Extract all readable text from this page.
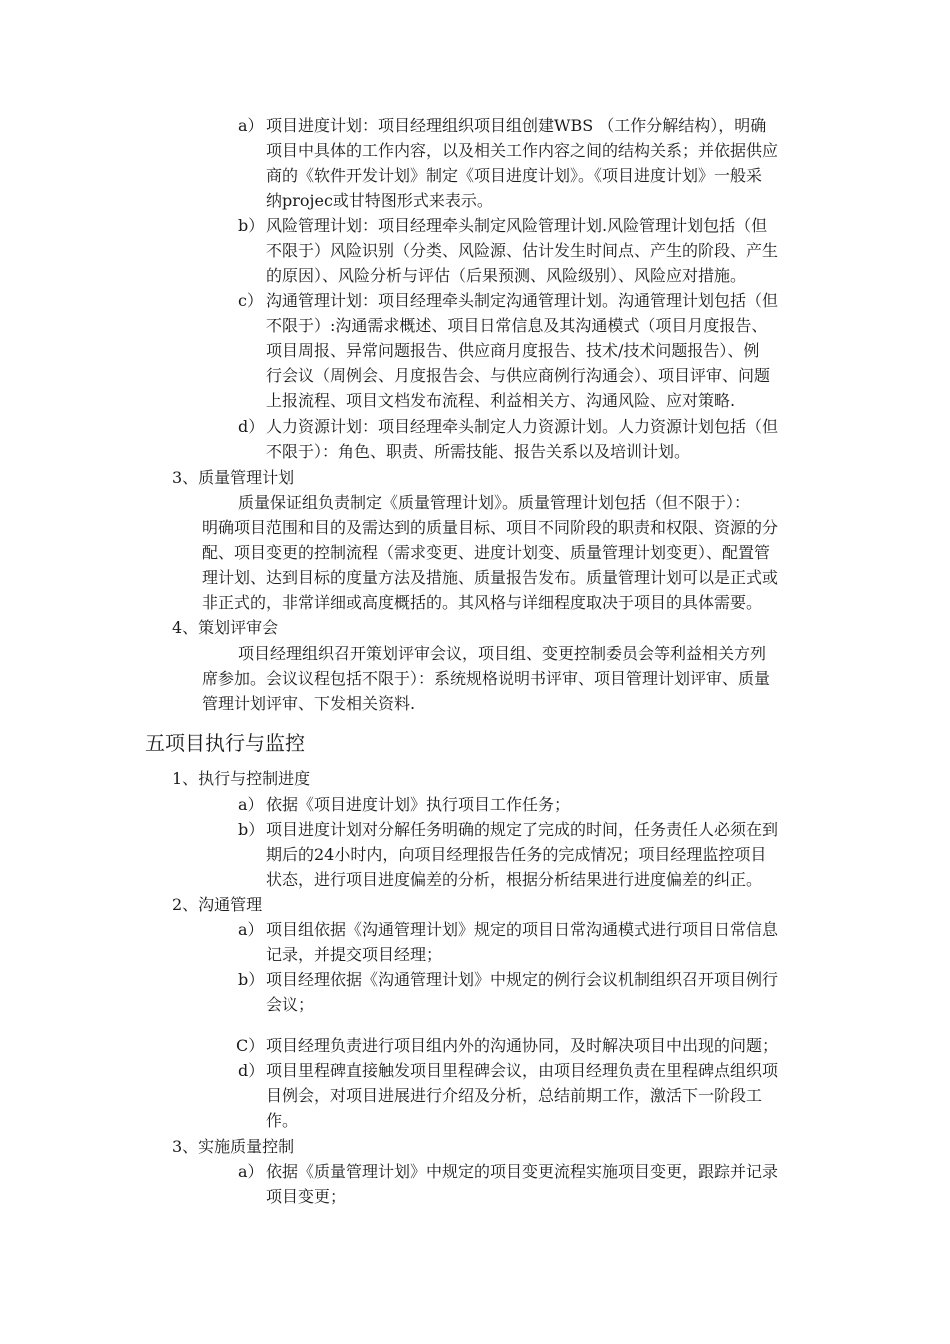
a） 项目进度计划：项目经理组织项目组创建WBS （工作分解结构），明确
项目中具体的工作内容，以及相关工作内容之间的结构关系；并依据供应
商的《软件开发计划》制定《项目进度计划》。《项目进度计划》一般采
纳projec或甘特图形式来表示。
b） 风险管理计划：项目经理牵头制定风险管理计划.风险管理计划包括（但
不限于）风险识别（分类、风险源、估计发生时间点、产生的阶段、产生
的原因）、风险分析与评估（后果预测、风险级别）、风险应对措施。
c） 沟通管理计划：项目经理牵头制定沟通管理计划。沟通管理计划包括（但
不限于）:沟通需求概述、项目日常信息及其沟通模式（项目月度报告、
项目周报、异常问题报告、供应商月度报告、技术/技术问题报告）、例
行会议（周例会、月度报告会、与供应商例行沟通会）、项目评审、问题
上报流程、项目文档发布流程、利益相关方、沟通风险、应对策略.
d） 人力资源计划：项目经理牵头制定人力资源计划。人力资源计划包括（但
不限于）：角色、职责、所需技能、报告关系以及培训计划。
3、质量管理计划
质量保证组负责制定《质量管理计划》。质量管理计划包括（但不限于）：
明确项目范围和目的及需达到的质量目标、项目不同阶段的职责和权限、资源的分
配、项目变更的控制流程（需求变更、进度计划变、质量管理计划变更）、配置管
理计划、达到目标的度量方法及措施、质量报告发布。质量管理计划可以是正式或
非正式的，非常详细或高度概括的。其风格与详细程度取决于项目的具体需要。
4、策划评审会
项目经理组织召开策划评审会议，项目组、变更控制委员会等利益相关方列
席参加。会议议程包括不限于）：系统规格说明书评审、项目管理计划评审、质量
管理计划评审、下发相关资料.
五项目执行与监控
1、执行与控制进度
a） 依据《项目进度计划》执行项目工作任务；
b） 项目进度计划对分解任务明确的规定了完成的时间，任务责任人必须在到
期后的24小时内，向项目经理报告任务的完成情况；项目经理监控项目
状态，进行项目进度偏差的分析，根据分析结果进行进度偏差的纠正。
2、沟通管理
a） 项目组依据《沟通管理计划》规定的项目日常沟通模式进行项目日常信息
记录，并提交项目经理；
b） 项目经理依据《沟通管理计划》中规定的例行会议机制组织召开项目例行
会议；
C） 项目经理负责进行项目组内外的沟通协同，及时解决项目中出现的问题；
d） 项目里程碑直接触发项目里程碑会议，由项目经理负责在里程碑点组织项
目例会，对项目进展进行介绍及分析，总结前期工作，激活下一阶段工
作。
3、实施质量控制
a） 依据《质量管理计划》中规定的项目变更流程实施项目变更，跟踪并记录
项目变更；
